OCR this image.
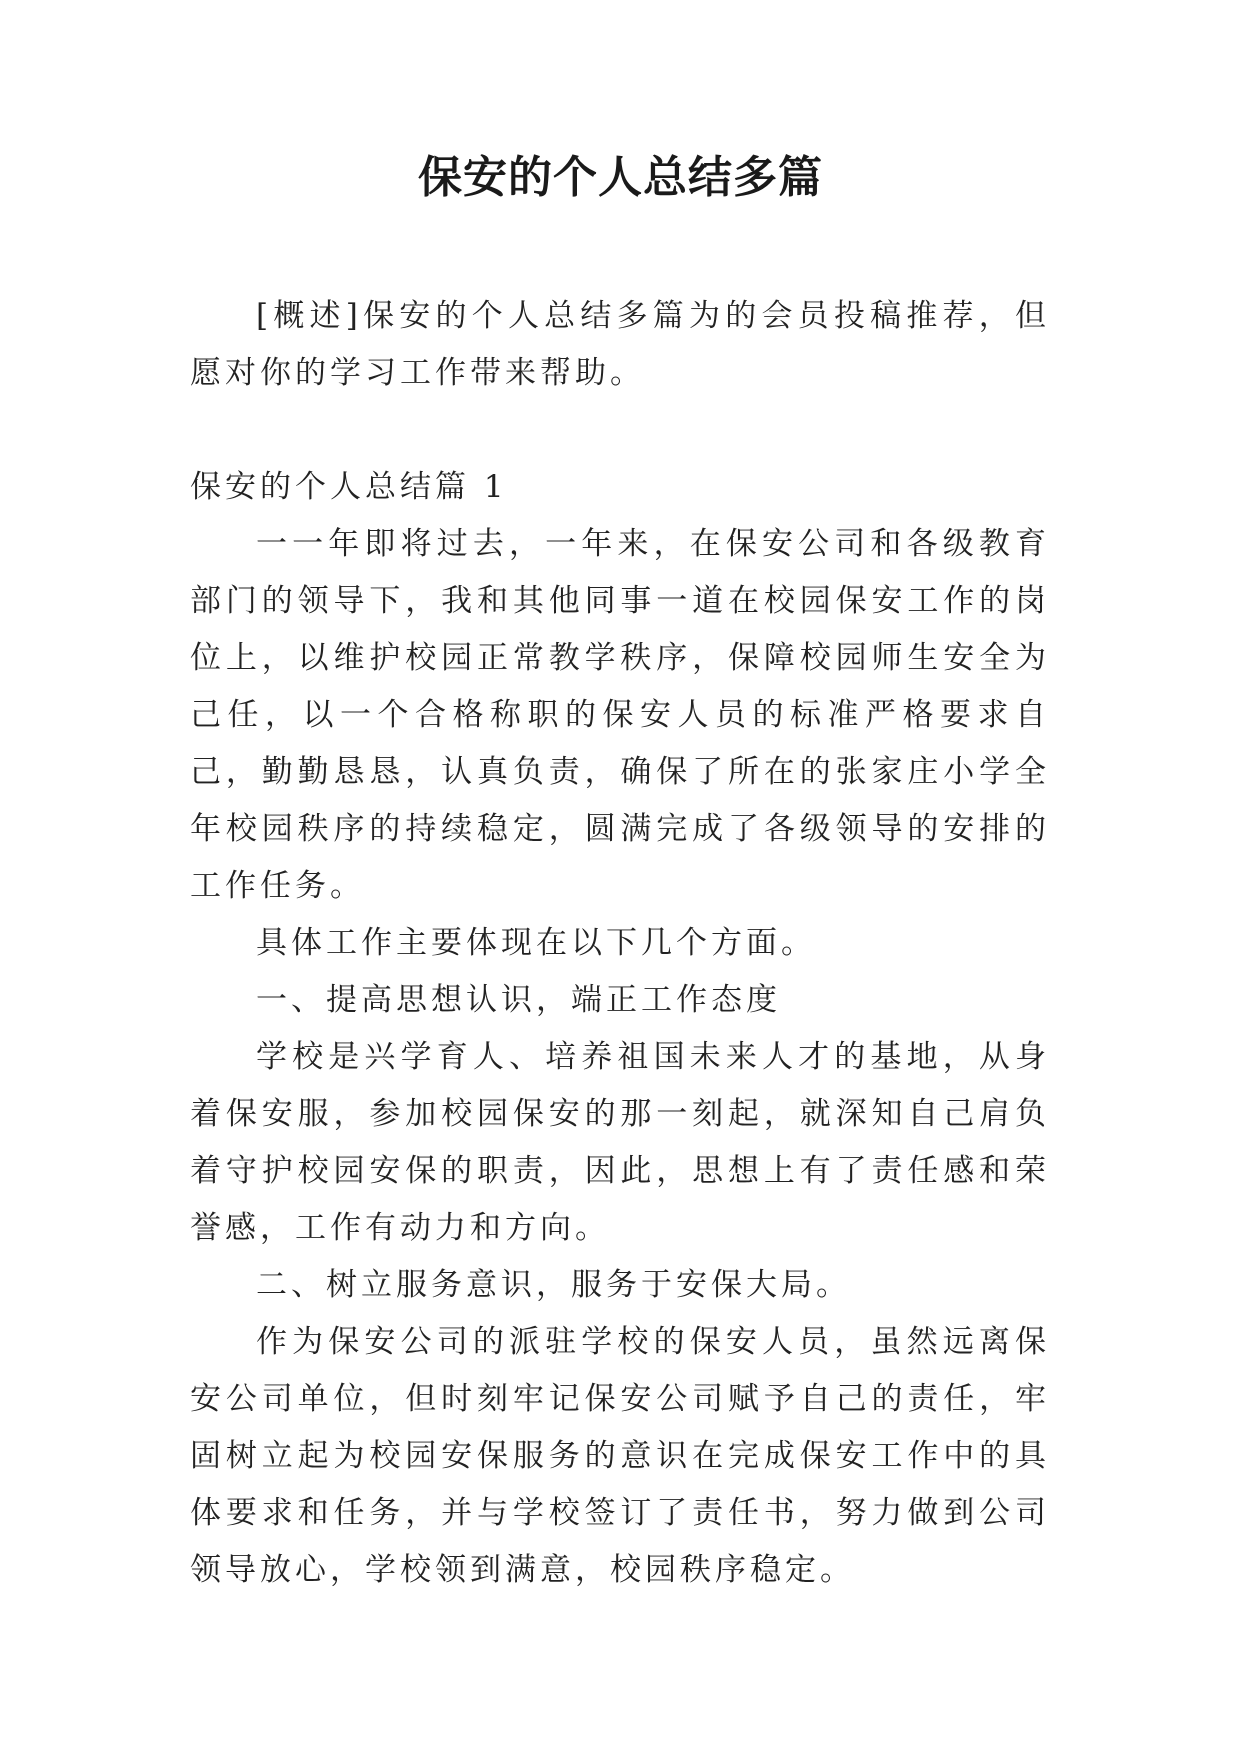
保安的个人总结多篇

[概述]保安的个人总结多篇为的会员投稿推荐，但愿对你的学习工作带来帮助。

保安的个人总结篇 1

一一年即将过去，一年来，在保安公司和各级教育部门的领导下，我和其他同事一道在校园保安工作的岗位上，以维护校园正常教学秩序，保障校园师生安全为己任，以一个合格称职的保安人员的标准严格要求自己，勤勤恳恳，认真负责，确保了所在的张家庄小学全年校园秩序的持续稳定，圆满完成了各级领导的安排的工作任务。

具体工作主要体现在以下几个方面。

一、提高思想认识，端正工作态度

学校是兴学育人、培养祖国未来人才的基地，从身着保安服，参加校园保安的那一刻起，就深知自己肩负着守护校园安保的职责，因此，思想上有了责任感和荣誉感，工作有动力和方向。

二、树立服务意识，服务于安保大局。

作为保安公司的派驻学校的保安人员，虽然远离保安公司单位，但时刻牢记保安公司赋予自己的责任，牢固树立起为校园安保服务的意识在完成保安工作中的具体要求和任务，并与学校签订了责任书，努力做到公司领导放心，学校领到满意，校园秩序稳定。
